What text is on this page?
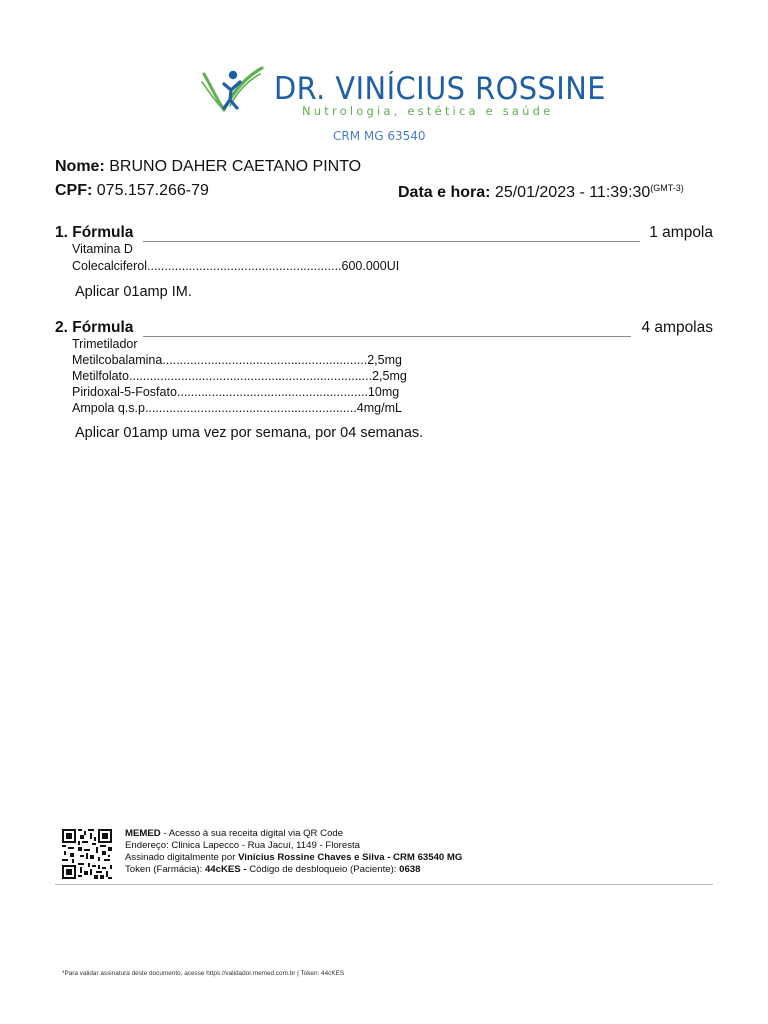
DR. VINÍCIUS ROSSINE
Nutrologia, estética e saúde
CRM MG 63540
Nome: BRUNO DAHER CAETANO PINTO
CPF: 075.157.266-79	Data e hora: $25/01/2023 - 11:39:30^{(GMT-3)}$
1. Fórmula	1 ampola
Vitamina D
Colecalciferol........................................................600.000UI
Aplicar 01amp IM.
2. Fórmula	4 ampolas
Trimetilador
Metilcobalamina...........................................................2,5mg
Metilfolato......................................................................2,5mg
Piridoxal-5-Fosfato.......................................................10mg
Ampola q.s.p.............................................................4mg/mL
Aplicar 01amp uma vez por semana, por 04 semanas.
MEMED - Acesso à sua receita digital via QR Code
Endereço: Clinica Lapecco - Rua Jacuí, 1149 - Floresta
Assinado digitalmente por Vinícius Rossine Chaves e Silva - CRM 63540 MG
Token (Farmácia): 44cKES - Código de desbloqueio (Paciente): 0638
*Para validar assinatura deste documento, acesse https://validador.memed.com.br | Token: 44cKES
